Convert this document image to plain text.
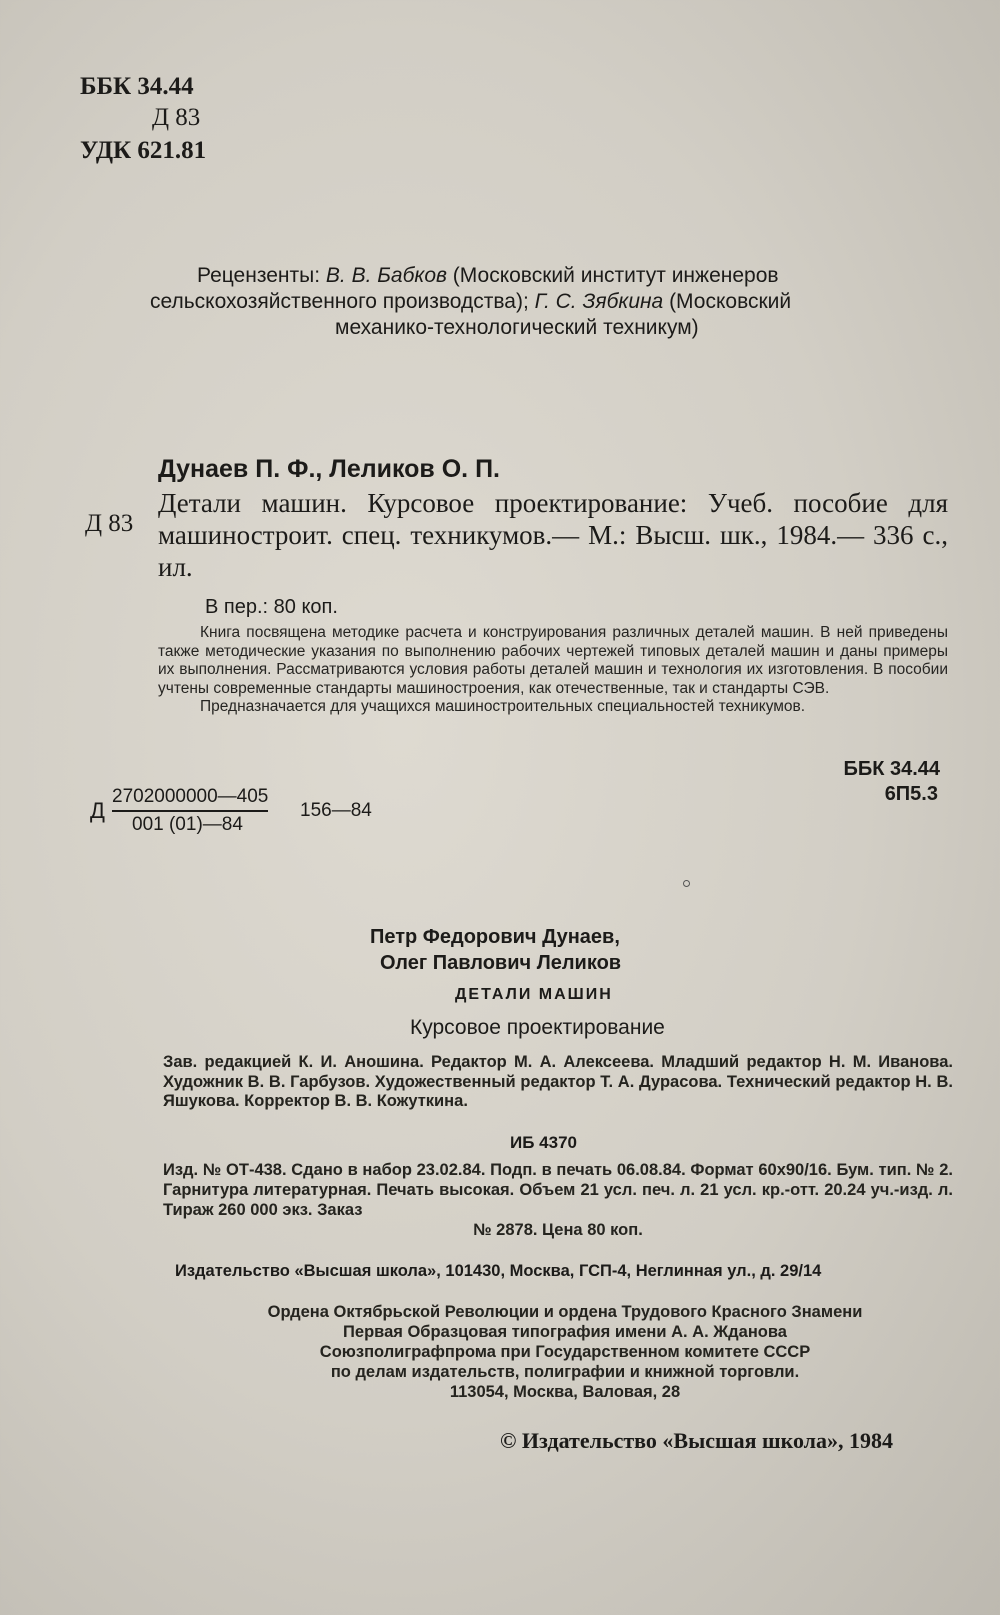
ББК 34.44
Д 83
УДК 621.81
Рецензенты: В. В. Бабков (Московский институт инженеров
сельскохозяйственного производства); Г. С. Зябкина (Московский
механико-технологический техникум)
Дунаев П. Ф., Леликов О. П.
Д 83
Детали машин. Курсовое проектирование: Учеб. пособие для машиностроит. спец. техникумов.— М.: Высш. шк., 1984.— 336 с., ил.
В пер.: 80 коп.

Книга посвящена методике расчета и конструирования различных деталей машин. В ней приведены также методические указания по выполнению рабочих чертежей типовых деталей машин и даны примеры их выполнения. Рассматриваются условия работы деталей машин и технология их изготовления. В пособии учтены современные стандарты машиностроения, как отечественные, так и стандарты СЭВ.

Предназначается для учащихся машиностроительных специальностей техникумов.

ББК 34.44
6П5.3
Д
2702000000—405
001 (01)—84
156—84
Петр Федорович Дунаев,
Олег Павлович Леликов
ДЕТАЛИ МАШИН
Курсовое проектирование
Зав. редакцией К. И. Аношина. Редактор М. А. Алексеева. Младший редактор Н. М. Иванова. Художник В. В. Гарбузов. Художественный редактор Т. А. Дурасова. Технический редактор Н. В. Яшукова. Корректор В. В. Кожуткина.
ИБ 4370

Изд. № ОТ-438. Сдано в набор 23.02.84. Подп. в печать 06.08.84. Формат 60х90/16. Бум. тип. № 2. Гарнитура литературная. Печать высокая. Объем 21 усл. печ. л. 21 усл. кр.-отт. 20.24 уч.-изд. л. Тираж 260 000 экз. Заказ

№ 2878. Цена 80 коп.

Издательство «Высшая школа», 101430, Москва, ГСП-4, Неглинная ул., д. 29/14
Ордена Октябрьской Революции и ордена Трудового Красного Знамени
Первая Образцовая типография имени А. А. Жданова
Союзполиграфпрома при Государственном комитете СССР
по делам издательств, полиграфии и книжной торговли.
113054, Москва, Валовая, 28
© Издательство «Высшая школа», 1984
